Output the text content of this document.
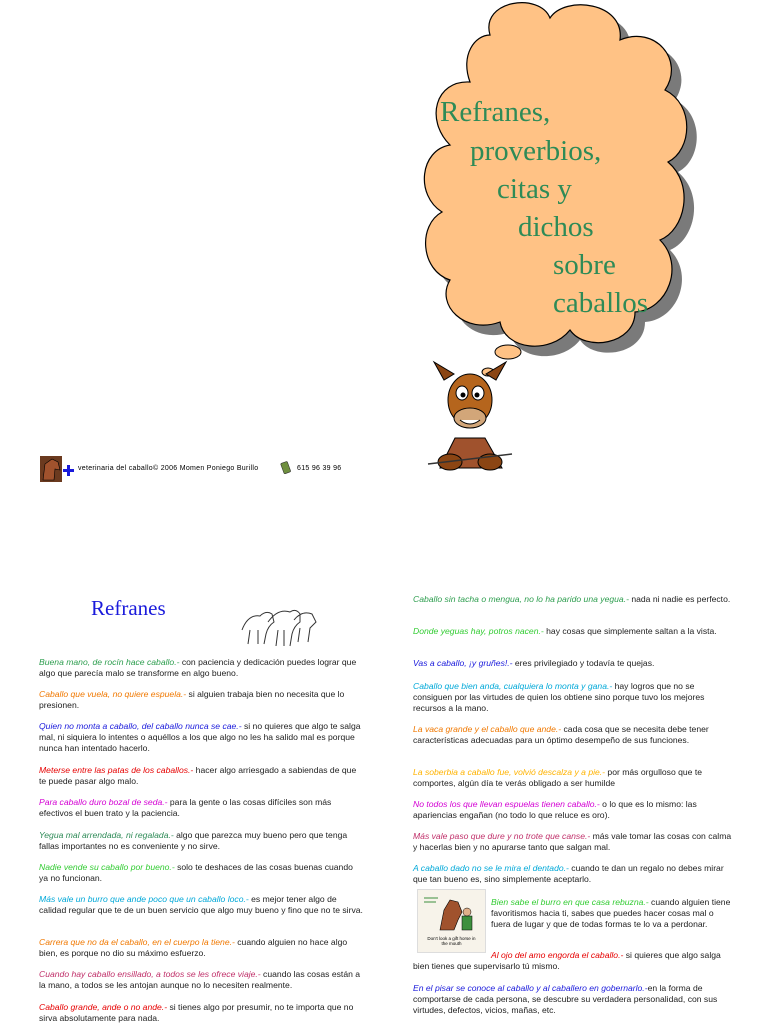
Refranes,
proverbios,
citas y
dichos
sobre
caballos
veterinaria del caballo© 2006 Momen Poniego Burillo	615 96 39 96
Refranes
Buena mano, de rocín hace caballo.- con paciencia y dedicación puedes lograr que algo que parecía malo se transforme en algo bueno.
Caballo que vuela, no quiere espuela.- si alguien trabaja bien no necesita que lo presionen.
Quien no monta a caballo, del caballo nunca se cae.- si no quieres que algo te salga mal, ni siquiera lo intentes o aquéllos a los que algo no les ha salido mal es porque nunca han intentado hacerlo.
Meterse entre las patas de los caballos.- hacer algo arriesgado a sabiendas de que te puede pasar algo malo.
Para caballo duro bozal de seda.- para la gente o las cosas difíciles son más efectivos el buen trato y la paciencia.
Yegua mal arrendada, ni regalada.- algo que parezca muy bueno pero que tenga fallas importantes no es conveniente y no sirve.
Nadie vende su caballo por bueno.- solo te deshaces de las cosas buenas cuando ya no funcionan.
Más vale un burro que ande poco que un caballo loco.- es mejor tener algo de calidad regular que te de un buen servicio que algo muy bueno y fino que no te sirva.
Carrera que no da el caballo, en el cuerpo la tiene.- cuando alguien no hace algo bien, es porque no dio su máximo esfuerzo.
Cuando hay caballo ensillado, a todos se les ofrece viaje.- cuando las cosas están a la mano, a todos se les antojan aunque no lo necesiten realmente.
Caballo grande, ande o no ande.- si tienes algo por presumir, no te importa que no sirva absolutamente para nada.
Caballo sin tacha o mengua, no lo ha parido una yegua.- nada ni nadie es perfecto.
Donde yeguas hay, potros nacen.- hay cosas que simplemente saltan a la vista.
Vas a caballo, ¡y gruñes!.- eres privilegiado y todavía te quejas.
Caballo que bien anda, cualquiera lo monta y gana.- hay logros que no se consiguen por las virtudes de quien los obtiene sino porque tuvo los mejores recursos a la mano.
La vaca grande y el caballo que ande.- cada cosa que se necesita debe tener características adecuadas para un óptimo desempeño de sus funciones.
La soberbia a caballo fue, volvió descalza y a pie.- por más orgulloso que te comportes, algún día te verás obligado a ser humilde
No todos los que llevan espuelas tienen caballo.- o lo que es lo mismo: las apariencias engañan (no todo lo que reluce es oro).
Más vale paso que dure y no trote que canse.- más vale tomar las cosas con calma y hacerlas bien y no apurarse tanto que salgan mal.
A caballo dado no se le mira el dentado.- cuando te dan un regalo no debes mirar que tan bueno es, sino simplemente aceptarlo.
Don't look a gift horse in the mouth
Bien sabe el burro en que casa rebuzna.- cuando alguien tiene favoritismos hacia ti, sabes que puedes hacer cosas mal o fuera de lugar y que de todas formas te lo va a perdonar.
Al ojo del amo engorda el caballo.- si quieres que algo salga bien tienes que supervisarlo tú mismo.
En el pisar se conoce al caballo y al caballero en gobernarlo.-en la forma de comportarse de cada persona, se descubre su verdadera personalidad, con sus virtudes, defectos, vicios, mañas, etc.
